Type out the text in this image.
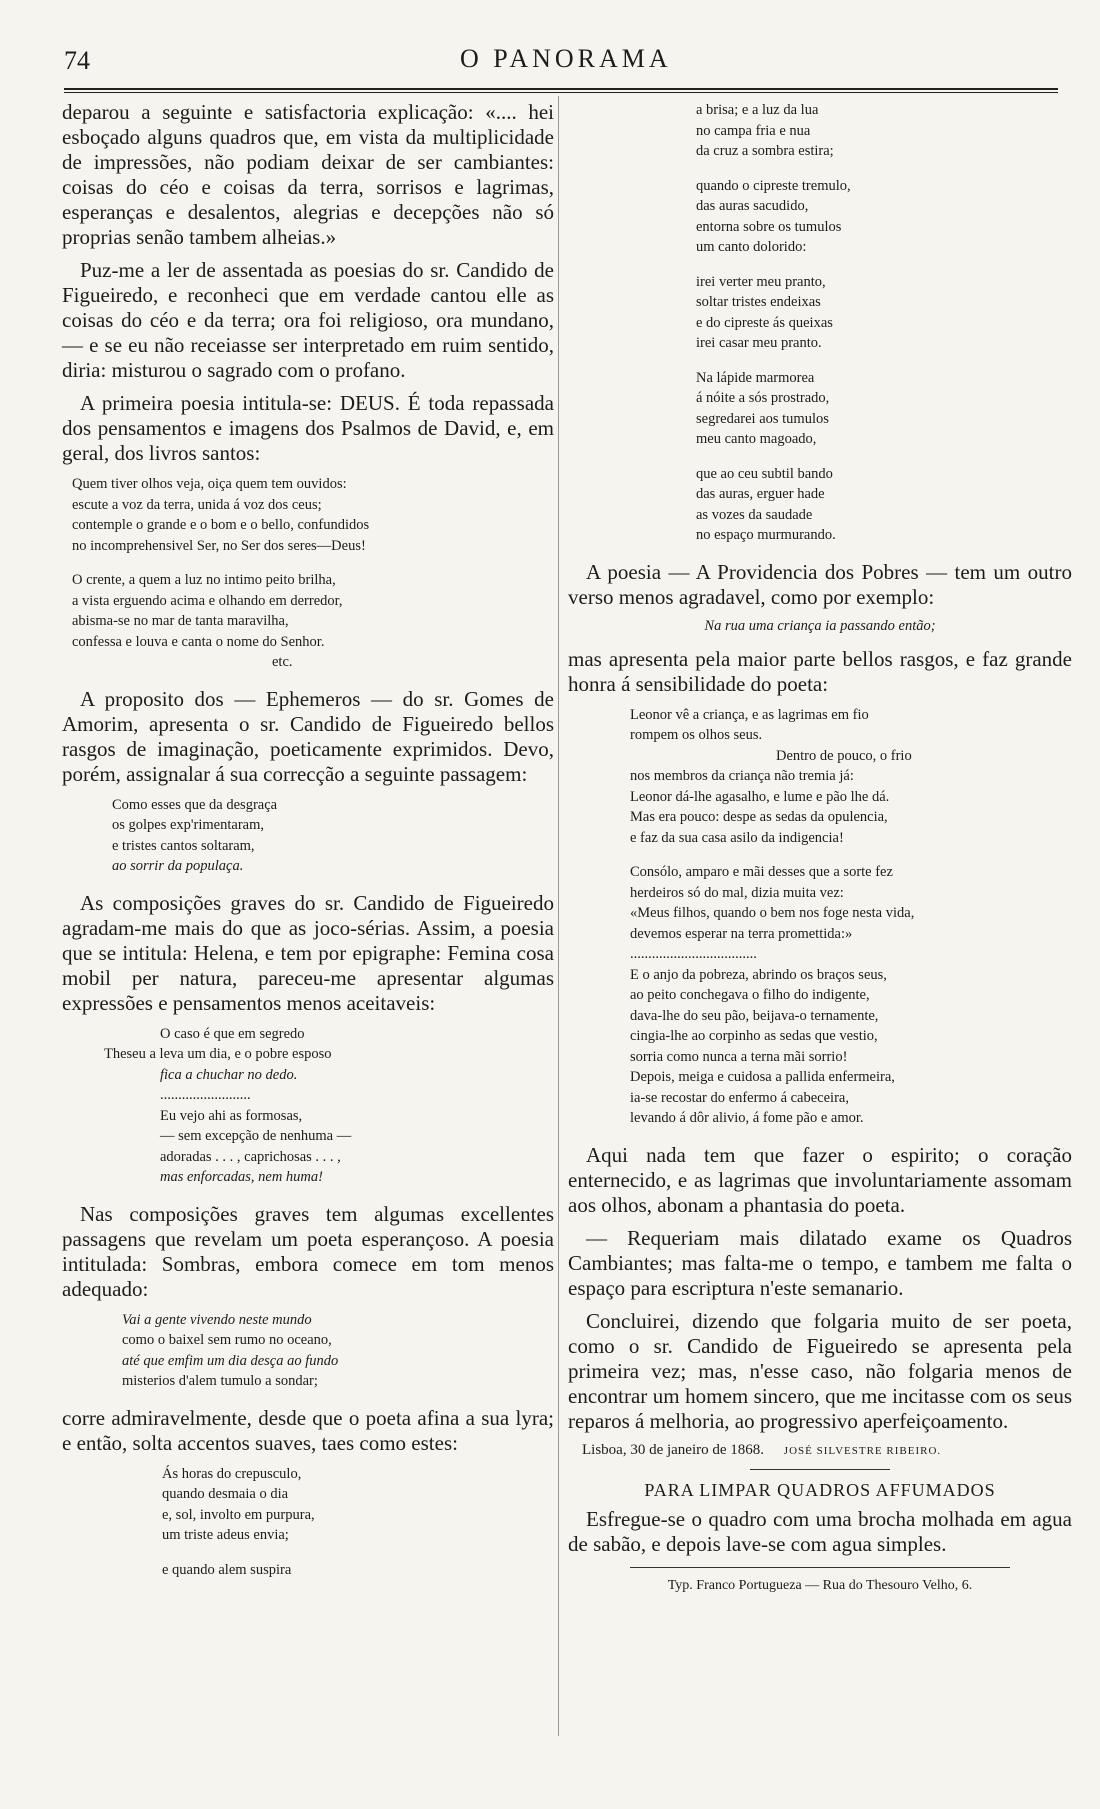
74	O PANORAMA

deparou a seguinte e satisfactoria explicação: «.... hei esboçado alguns quadros que, em vista da multiplicidade de impressões, não podiam deixar de ser cambiantes: coisas do céo e coisas da terra, sorrisos e lagrimas, esperanças e desalentos, alegrias e decepções não só proprias senão tambem alheias.»

Puz-me a ler de assentada as poesias do sr. Candido de Figueiredo, e reconheci que em verdade cantou elle as coisas do céo e da terra; ora foi religioso, ora mundano, — e se eu não receiasse ser interpretado em ruim sentido, diria: misturou o sagrado com o profano.

A primeira poesia intitula-se: DEUS. É toda repassada dos pensamentos e imagens dos Psalmos de David, e, em geral, dos livros santos:

Quem tiver olhos veja, oiça quem tem ouvidos:
escute a voz da terra, unida á voz dos ceus;
contemple o grande e o bom e o bello, confundidos
no incomprehensivel Ser, no Ser dos seres—Deus!
O crente, a quem a luz no intimo peito brilha,
a vista erguendo acima e olhando em derredor,
abisma-se no mar de tanta maravilha,
confessa e louva e canta o nome do Senhor.
etc.

A proposito dos — Ephemeros — do sr. Gomes de Amorim, apresenta o sr. Candido de Figueiredo bellos rasgos de imaginação, poeticamente exprimidos. Devo, porém, assignalar á sua correcção a seguinte passagem:

Como esses que da desgraça
os golpes exp'rimentaram,
e tristes cantos soltaram,
ao sorrir da populaça.

As composições graves do sr. Candido de Figueiredo agradam-me mais do que as joco-sérias. Assim, a poesia que se intitula: Helena, e tem por epigraphe: Femina cosa mobil per natura, pareceu-me apresentar algumas expressões e pensamentos menos aceitaveis:

O caso é que em segredo
Theseu a leva um dia, e o pobre esposo
fica a chuchar no dedo.
.........................
Eu vejo ahi as formosas,
— sem excepção de nenhuma —
adoradas . . . , caprichosas . . . ,
mas enforcadas, nem huma!

Nas composições graves tem algumas excellentes passagens que revelam um poeta esperançoso. A poesia intitulada: Sombras, embora comece em tom menos adequado:

Vai a gente vivendo neste mundo
como o baixel sem rumo no oceano,
até que emfim um dia desça ao fundo
misterios d'alem tumulo a sondar;

corre admiravelmente, desde que o poeta afina a sua lyra; e então, solta accentos suaves, taes como estes:

Ás horas do crepusculo,
quando desmaia o dia
e, sol, involto em purpura,
um triste adeus envia;
e quando alem suspira
a brisa; e a luz da lua
no campa fria e nua
da cruz a sombra estira;
quando o cipreste tremulo,
das auras sacudido,
entorna sobre os tumulos
um canto dolorido:
irei verter meu pranto,
soltar tristes endeixas
e do cipreste ás queixas
irei casar meu pranto.
Na lápide marmorea
á nóite a sós prostrado,
segredarei aos tumulos
meu canto magoado,
que ao ceu subtil bando
das auras, erguer hade
as vozes da saudade
no espaço murmurando.

A poesia — A Providencia dos Pobres — tem um outro verso menos agradavel, como por exemplo:

Na rua uma criança ia passando então;

mas apresenta pela maior parte bellos rasgos, e faz grande honra á sensibilidade do poeta:

Leonor vê a criança, e as lagrimas em fio
rompem os olhos seus.
Dentro de pouco, o frio
nos membros da criança não tremia já:
Leonor dá-lhe agasalho, e lume e pão lhe dá.
Mas era pouco: despe as sedas da opulencia,
e faz da sua casa asilo da indigencia!
Consólo, amparo e mãi desses que a sorte fez
herdeiros só do mal, dizia muita vez:
«Meus filhos, quando o bem nos foge nesta vida,
devemos esperar na terra promettida:»
...................................
E o anjo da pobreza, abrindo os braços seus,
ao peito conchegava o filho do indigente,
dava-lhe do seu pão, beijava-o ternamente,
cingia-lhe ao corpinho as sedas que vestio,
sorria como nunca a terna mãi sorrio!
Depois, meiga e cuidosa a pallida enfermeira,
ia-se recostar do enfermo á cabeceira,
levando á dôr alivio, á fome pão e amor.

Aqui nada tem que fazer o espirito; o coração enternecido, e as lagrimas que involuntariamente assomam aos olhos, abonam a phantasia do poeta.

— Requeriam mais dilatado exame os Quadros Cambiantes; mas falta-me o tempo, e tambem me falta o espaço para escriptura n'este semanario.

Concluirei, dizendo que folgaria muito de ser poeta, como o sr. Candido de Figueiredo se apresenta pela primeira vez; mas, n'esse caso, não folgaria menos de encontrar um homem sincero, que me incitasse com os seus reparos á melhoria, ao progressivo aperfeiçoamento.

Lisboa, 30 de janeiro de 1868. JOSÉ SILVESTRE RIBEIRO.
PARA LIMPAR QUADROS AFFUMADOS

Esfregue-se o quadro com uma brocha molhada em agua de sabão, e depois lave-se com agua simples.

Typ. Franco Portugueza — Rua do Thesouro Velho, 6.
